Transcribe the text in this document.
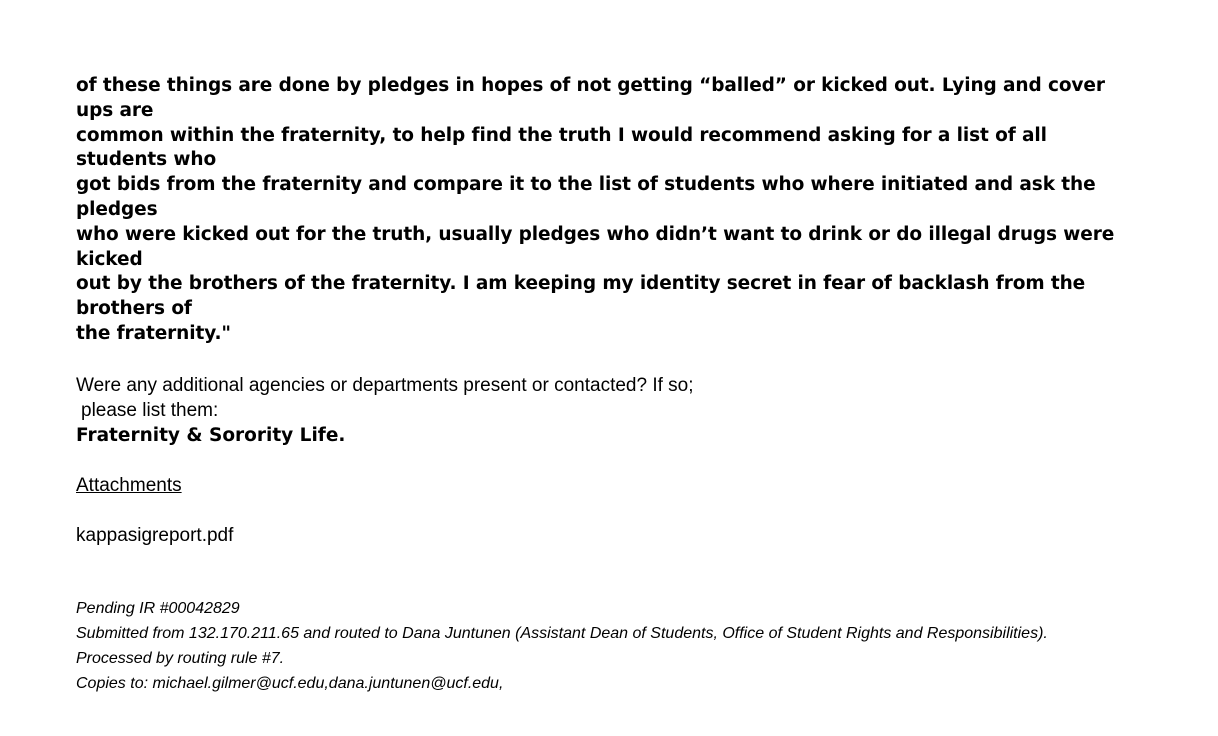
of these things are done by pledges in hopes of not getting “balled” or kicked out. Lying and cover ups are
common within the fraternity, to help find the truth I would recommend asking for a list of all students who
got bids from the fraternity and compare it to the list of students who where initiated and ask the pledges
who were kicked out for the truth, usually pledges who didn’t want to drink or do illegal drugs were kicked
out by the brothers of the fraternity. I am keeping my identity secret in fear of backlash from the brothers of
the fraternity."
Were any additional agencies or departments present or contacted? If so;
please list them:
Fraternity & Sorority Life.
Attachments
kappasigreport.pdf
Pending IR #00042829
Submitted from 132.170.211.65 and routed to Dana Juntunen (Assistant Dean of Students, Office of Student Rights and Responsibilities).
Processed by routing rule #7.
Copies to: michael.gilmer@ucf.edu,dana.juntunen@ucf.edu,
